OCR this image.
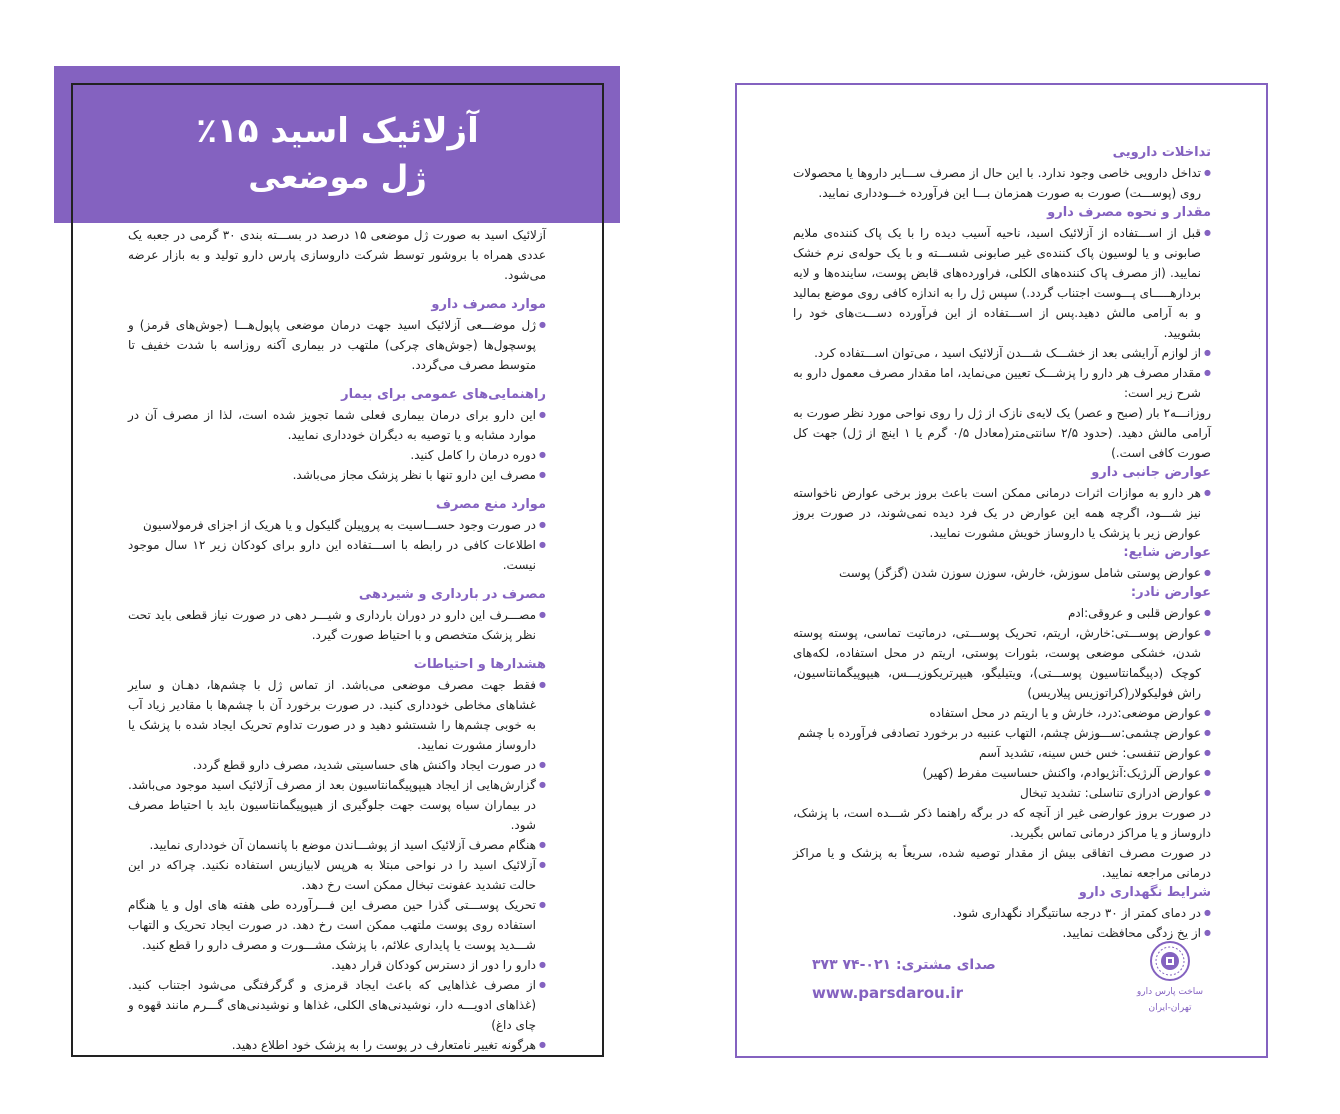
آزلائیک اسید ۱۵٪
ژل موضعی

آزلائیک اسید به صورت ژل موضعی ۱۵ درصد در بســـته بندی ۳۰ گرمی در جعبه یک عددی همراه با بروشور توسط شرکت داروسازی پارس دارو تولید و به بازار عرضه می‌شود.

موارد مصرف دارو
● ژل موضـــعی آزلائیک اسید جهت درمان موضعی پاپول‌هـــا (جوش‌های قرمز) و پوسچول‌ها (جوش‌های چرکی) ملتهب در بیماری آکنه روزاسه با شدت خفیف تا متوسط مصرف می‌گردد.
راهنمایی‌های عمومی برای بیمار
● این دارو برای درمان بیماری فعلی شما تجویز شده است، لذا از مصرف آن در موارد مشابه و یا توصیه به دیگران خودداری نمایید.
● دوره درمان را کامل کنید.
● مصرف این دارو تنها با نظر پزشک مجاز می‌باشد.
موارد منع مصرف
● در صورت وجود حســـاسیت به پروپیلن گلیکول و یا هریک از اجزای فرمولاسیون
● اطلاعات کافی در رابطه با اســـتفاده این دارو برای کودکان زیر ۱۲ سال موجود نیست.
مصرف در بارداری و شیردهی
● مصـــرف این دارو در دوران بارداری و شیـــر دهی در صورت نیاز قطعی باید تحت نظر پزشک متخصص و با احتیاط صورت گیرد.
هشدارها و احتیاطات
● فقط جهت مصرف موضعی می‌باشد. از تماس ژل با چشم‌ها، دهـان و سایر غشاهای مخاطی خودداری کنید. در صورت برخورد آن با چشم‌ها با مقادیر زیاد آب به خوبی چشم‌ها را شستشو دهید و در صورت تداوم تحریک ایجاد شده با پزشک یا داروساز مشورت نمایید.
● در صورت ایجاد واکنش های حساسیتی شدید، مصرف دارو قطع گردد.
● گزارش‌هایی از ایجاد هیپوپیگمانتاسیون بعد از مصرف آزلائیک اسید موجود می‌باشد. در بیماران سیاه پوست جهت جلوگیری از هیپوپیگمانتاسیون باید با احتیاط مصرف شود.
● هنگام مصرف آزلائیک اسید از پوشـــاندن موضع با پانسمان آن خودداری نمایید.
● آزلائیک اسید را در نواحی مبتلا به هرپس لابیازیس استفاده نکنید. چراکه در این حالت تشدید عفونت تبخال ممکن است رخ دهد.
● تحریک پوســـتی گذرا حین مصرف این فـــرآورده طی هفته های اول و یا هنگام استفاده روی پوست ملتهب ممکن است رخ دهد. در صورت ایجاد تحریک و التهاب شـــدید پوست یا پایداری علائم، با پزشک مشـــورت و مصرف دارو را قطع کنید.
● دارو را دور از دسترس کودکان قرار دهید.
● از مصرف غذاهایی که باعث ایجاد قرمزی و گرگرفتگی می‌شود اجتناب کنید. (غذاهای ادویـــه دار، نوشیدنی‌های الکلی، غذاها و نوشیدنی‌های گـــرم مانند قهوه و چای داغ)
● هرگونه تغییر نامتعارف در پوست را به پزشک خود اطلاع دهید.
تداخلات دارویی
● تداخل دارویی خاصی وجود ندارد. با این حال از مصرف ســـایر داروها یا محصولات روی (پوســـت) صورت به صورت همزمان بـــا این فرآورده خـــودداری نمایید.
مقدار و نحوه مصرف دارو
● قبل از اســـتفاده از آزلائیک اسید، ناحیه آسیب دیده را با یک پاک کننده‌ی ملایم صابونی و یا لوسیون پاک کننده‌ی غیر صابونی شســـته و با یک حوله‌ی نرم خشک نمایید. (از مصرف پاک کننده‌های الکلی، فراورده‌های قابض پوست، ساینده‌ها و لایه بردارهـــــای پـــوست اجتناب گردد.) سپس ژل را به اندازه کافی روی موضع بمالید و به آرامی مالش دهید.پس از اســـتفاده از این فرآورده دســـت‌های خود را بشویید.
● از لوازم آرایشی بعد از خشـــک شـــدن آزلائیک اسید ، می‌توان اســـتفاده کرد.
● مقدار مصرف هر دارو را پزشـــک تعیین می‌نماید، اما مقدار مصرف معمول دارو به شرح زیر است:

روزانـــه۲ بار (صبح و عصر) یک لایه‌ی نازک از ژل را روی نواحی مورد نظر صورت به آرامی مالش دهید. (حدود ۲/۵ سانتی‌متر(معادل ۰/۵ گرم یا ۱ اینچ از ژل) جهت کل صورت کافی است.)

عوارض جانبی دارو
● هر دارو به موازات اثرات درمانی ممکن است باعث بروز برخی عوارض ناخواسته نیز شـــود، اگرچه همه این عوارض در یک فرد دیده نمی‌شوند، در صورت بروز عوارض زیر با پزشک یا داروساز خویش مشورت نمایید.
عوارض شایع:
● عوارض پوستی شامل سوزش، خارش، سوزن سوزن شدن (گزگز) پوست
عوارض نادر:
● عوارض قلبی و عروقی:ادم
● عوارض پوســـتی:خارش، اریتم، تحریک پوســـتی، درماتیت تماسی، پوسته پوسته شدن، خشکی موضعی پوست، بثورات پوستی، اریتم در محل استفاده، لکه‌های کوچک (دپیگمانتاسیون پوســـتی)، ویتیلیگو، هیپرتریکوزیـــس، هیپوپیگمانتاسیون، راش فولیکولار(کراتوزیس پیلاریس)
● عوارض موضعی:درد، خارش و یا اریتم در محل استفاده
● عوارض چشمی:ســـوزش چشم، التهاب عنبیه در برخورد تصادفی فرآورده با چشم
● عوارض تنفسی: خس خس سینه، تشدید آسم
● عوارض آلرژیک:آنژیوادم، واکنش حساسیت مفرط (کهیر)
● عوارض ادراری تناسلی: تشدید تبخال

در صورت بروز عوارضی غیر از آنچه که در برگه راهنما ذکر شـــده است، با پزشک، داروساز و یا مراکز درمانی تماس بگیرید.

در صورت مصرف اتفاقی بیش از مقدار توصیه شده، سریعاً به پزشک و یا مراکز درمانی مراجعه نمایید.

شرایط نگهداری دارو
● در دمای کمتر از ۳۰ درجه سانتیگراد نگهداری شود.
● از یخ زدگی محافظت نمایید.
ساخت پارس دارو
تهران-ایران
صدای مشتری: ۰۲۱-۷۴ ۳۷۳
www.parsdarou.ir
